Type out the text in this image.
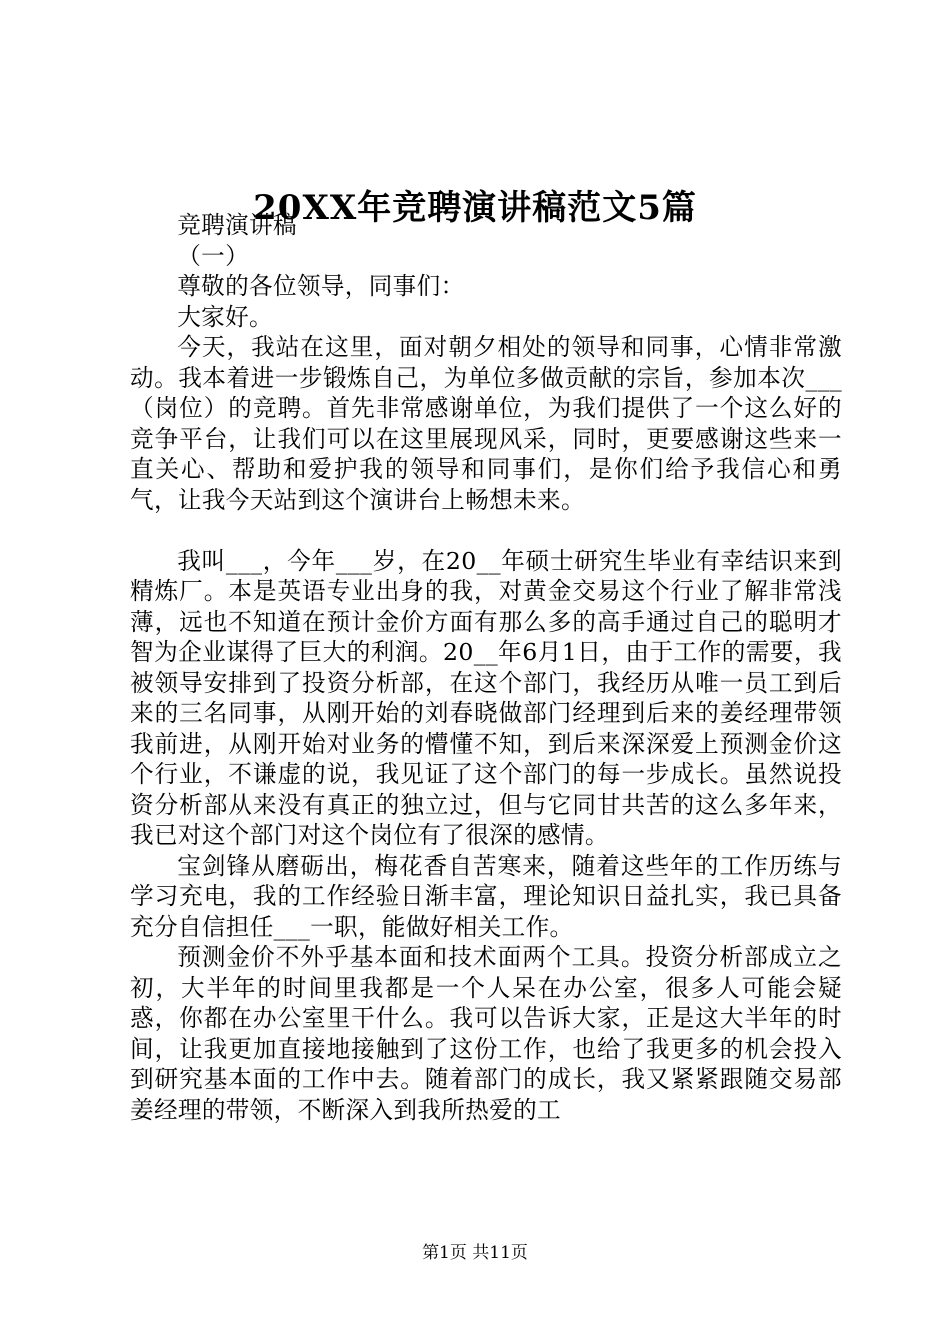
20XX年竞聘演讲稿范文5篇

竞聘演讲稿

（一）

尊敬的各位领导，同事们：

大家好。

今天，我站在这里，面对朝夕相处的领导和同事，心情非常激动。我本着进一步锻炼自己，为单位多做贡献的宗旨，参加本次___（岗位）的竞聘。首先非常感谢单位，为我们提供了一个这么好的竞争平台，让我们可以在这里展现风采，同时，更要感谢这些来一直关心、帮助和爱护我的领导和同事们，是你们给予我信心和勇气，让我今天站到这个演讲台上畅想未来。

我叫___，今年___岁，在20__年硕士研究生毕业有幸结识来到精炼厂。本是英语专业出身的我，对黄金交易这个行业了解非常浅薄，远也不知道在预计金价方面有那么多的高手通过自己的聪明才智为企业谋得了巨大的利润。20__年6月1日，由于工作的需要，我被领导安排到了投资分析部，在这个部门，我经历从唯一员工到后来的三名同事，从刚开始的刘春晓做部门经理到后来的姜经理带领我前进，从刚开始对业务的懵懂不知，到后来深深爱上预测金价这个行业，不谦虚的说，我见证了这个部门的每一步成长。虽然说投资分析部从来没有真正的独立过，但与它同甘共苦的这么多年来，我已对这个部门对这个岗位有了很深的感情。

宝剑锋从磨砺出，梅花香自苦寒来，随着这些年的工作历练与学习充电，我的工作经验日渐丰富，理论知识日益扎实，我已具备充分自信担任___一职，能做好相关工作。

预测金价不外乎基本面和技术面两个工具。投资分析部成立之初，大半年的时间里我都是一个人呆在办公室，很多人可能会疑惑，你都在办公室里干什么。我可以告诉大家，正是这大半年的时间，让我更加直接地接触到了这份工作，也给了我更多的机会投入到研究基本面的工作中去。随着部门的成长，我又紧紧跟随交易部姜经理的带领，不断深入到我所热爱的工

第1页 共11页
